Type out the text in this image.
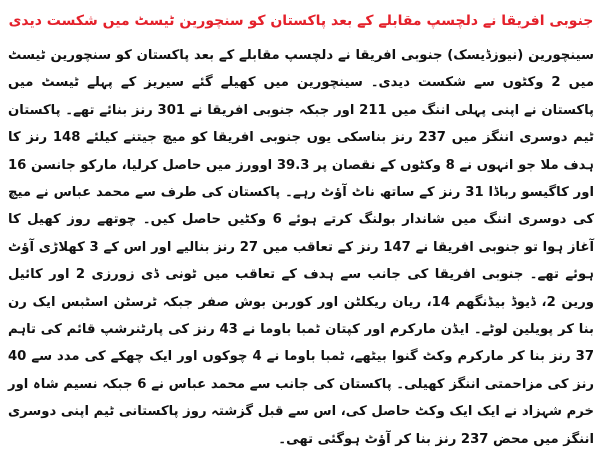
جنوبی افریقا نے دلچسپ مقابلے کے بعد پاکستان کو سنچورین ٹیسٹ میں شکست دیدی

سینچورین (نیوزڈیسک) جنوبی افریقا نے دلچسپ مقابلے کے بعد پاکستان کو سنچورین ٹیسٹ میں 2 وکٹوں سے شکست دیدی۔ سینچورین میں کھیلے گئے سیریز کے پہلے ٹیسٹ میں پاکستان نے اپنی پہلی اننگ میں 211 اور جبکہ جنوبی افریقا نے 301 رنز بنائے تھے۔ پاکستان ٹیم دوسری اننگز میں 237 رنز بناسکی یوں جنوبی افریقا کو میچ جیتنے کیلئے 148 رنز کا ہدف ملا جو انہوں نے 8 وکٹوں کے نقصان پر 39.3 اوورز میں حاصل کرلیا، مارکو جانسن 16 اور کاگیسو رباڈا 31 رنز کے ساتھ ناٹ آؤٹ رہے۔ پاکستان کی طرف سے محمد عباس نے میچ کی دوسری اننگ میں شاندار بولنگ کرتے ہوئے 6 وکٹیں حاصل کیں۔ چوتھے روز کھیل کا آغاز ہوا تو جنوبی افریقا نے 147 رنز کے تعاقب میں 27 رنز بنالیے اور اس کے 3 کھلاڑی آؤٹ ہوئے تھے۔ جنوبی افریقا کی جانب سے ہدف کے تعاقب میں ٹونی ڈی زورزی 2 اور کائیل ورین 2، ڈیوڈ بیڈنگھم 14، ریان ریکلٹن اور کوربن بوش صفر جبکہ ٹرسٹن اسٹبس ایک رن بنا کر پویلین لوٹے۔ ایڈن مارکرم اور کپتان ٹمبا باوما نے 43 رنز کی پارٹنرشپ قائم کی تاہم 37 رنز بنا کر مارکرم وکٹ گنوا بیٹھے، ٹمبا باوما نے 4 چوکوں اور ایک چھکے کی مدد سے 40 رنز کی مزاحمتی اننگز کھیلی۔ پاکستان کی جانب سے محمد عباس نے 6 جبکہ نسیم شاہ اور خرم شہزاد نے ایک ایک وکٹ حاصل کی، اس سے قبل گزشتہ روز پاکستانی ٹیم اپنی دوسری اننگز میں محض 237 رنز بنا کر آؤٹ ہوگئی تھی۔
